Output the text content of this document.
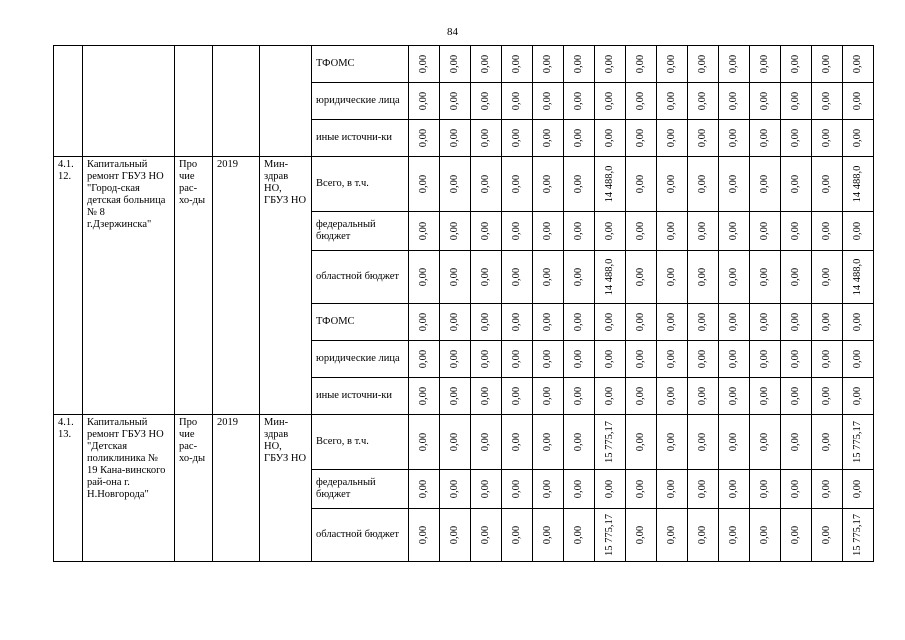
84
					ТФОМС	0,00	0,00	0,00	0,00	0,00	0,00	0,00	0,00	0,00	0,00	0,00	0,00	0,00	0,00	0,00

					юридические лица	0,00	0,00	0,00	0,00	0,00	0,00	0,00	0,00	0,00	0,00	0,00	0,00	0,00	0,00	0,00

					иные источни-ки	0,00	0,00	0,00	0,00	0,00	0,00	0,00	0,00	0,00	0,00	0,00	0,00	0,00	0,00	0,00

4.1. 12.	Капитальный ремонт ГБУЗ НО "Город-ская детская больница № 8 г.Дзержинска"	Про чие рас-хо-ды	2019	Мин-здрав НО, ГБУЗ НО	Всего, в т.ч.	0,00	0,00	0,00	0,00	0,00	0,00	14 488,0	0,00	0,00	0,00	0,00	0,00	0,00	0,00	14 488,0

					федеральный бюджет	0,00	0,00	0,00	0,00	0,00	0,00	0,00	0,00	0,00	0,00	0,00	0,00	0,00	0,00	0,00

					областной бюджет	0,00	0,00	0,00	0,00	0,00	0,00	14 488,0	0,00	0,00	0,00	0,00	0,00	0,00	0,00	14 488,0

					ТФОМС	0,00	0,00	0,00	0,00	0,00	0,00	0,00	0,00	0,00	0,00	0,00	0,00	0,00	0,00	0,00

					юридические лица	0,00	0,00	0,00	0,00	0,00	0,00	0,00	0,00	0,00	0,00	0,00	0,00	0,00	0,00	0,00

					иные источни-ки	0,00	0,00	0,00	0,00	0,00	0,00	0,00	0,00	0,00	0,00	0,00	0,00	0,00	0,00	0,00

4.1. 13.	Капитальный ремонт ГБУЗ НО "Детская поликлиника № 19 Кана-винского рай-она г. Н.Новгорода"	Про чие рас-хо-ды	2019	Мин-здрав НО, ГБУЗ НО	Всего, в т.ч.	0,00	0,00	0,00	0,00	0,00	0,00	15 775,17	0,00	0,00	0,00	0,00	0,00	0,00	0,00	15 775,17

					федеральный бюджет	0,00	0,00	0,00	0,00	0,00	0,00	0,00	0,00	0,00	0,00	0,00	0,00	0,00	0,00	0,00

					областной бюджет	0,00	0,00	0,00	0,00	0,00	0,00	15 775,17	0,00	0,00	0,00	0,00	0,00	0,00	0,00	15 775,17
